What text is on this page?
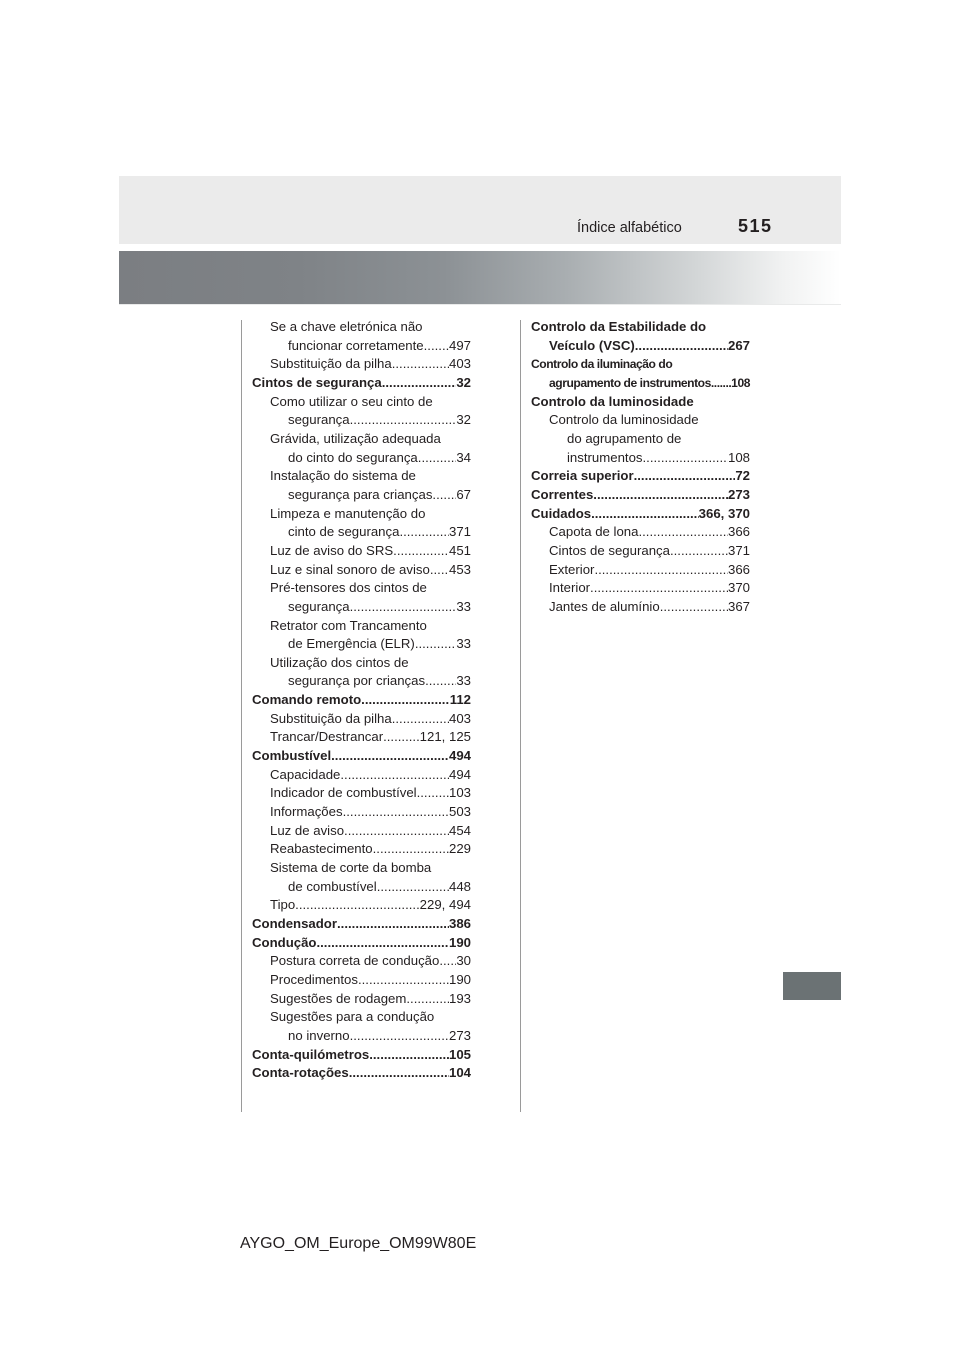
Índice alfabético	515
Se a chave eletrónica não
funcionar corretamente ..... 497
Substituição da pilha .....	403
Cintos de segurança .....	32
Como utilizar o seu cinto de
segurança .....	32
Grávida, utilização adequada
do cinto do segurança .....	34
Instalação do sistema de
segurança para crianças ..... 67
Limpeza e manutenção do
cinto de segurança .....	371
Luz de aviso do SRS .....	451
Luz e sinal sonoro de aviso ..... 453
Pré-tensores dos cintos de
segurança .....	33
Retrator com Trancamento
de Emergência (ELR) .....	33
Utilização dos cintos de
segurança por crianças ..... 33
Comando remoto .....	112
Substituição da pilha .....	403
Trancar/Destrancar .....	121, 125
Combustível .....	494
Capacidade .....	494
Indicador de combustível ..... 103
Informações .....	503
Luz de aviso .....	454
Reabastecimento .....	229
Sistema de corte da bomba
de combustível .....	448
Tipo .....	229, 494
Condensador .....	386
Condução .....	190
Postura correta de condução ..... 30
Procedimentos .....	190
Sugestões de rodagem .....	193
Sugestões para a condução
no inverno .....	273
Conta-quilómetros .....	105
Conta-rotações .....	104
Controlo da Estabilidade do
Veículo (VSC) .....	267
Controlo da iluminação do
agrupamento de instrumentos ..... 108
Controlo da luminosidade
Controlo da luminosidade
do agrupamento de
instrumentos .....	108
Correia superior .....	72
Correntes .....	273
Cuidados .....	366, 370
Capota de lona .....	366
Cintos de segurança .....	371
Exterior .....	366
Interior .....	370
Jantes de alumínio .....	367
AYGO_OM_Europe_OM99W80E
